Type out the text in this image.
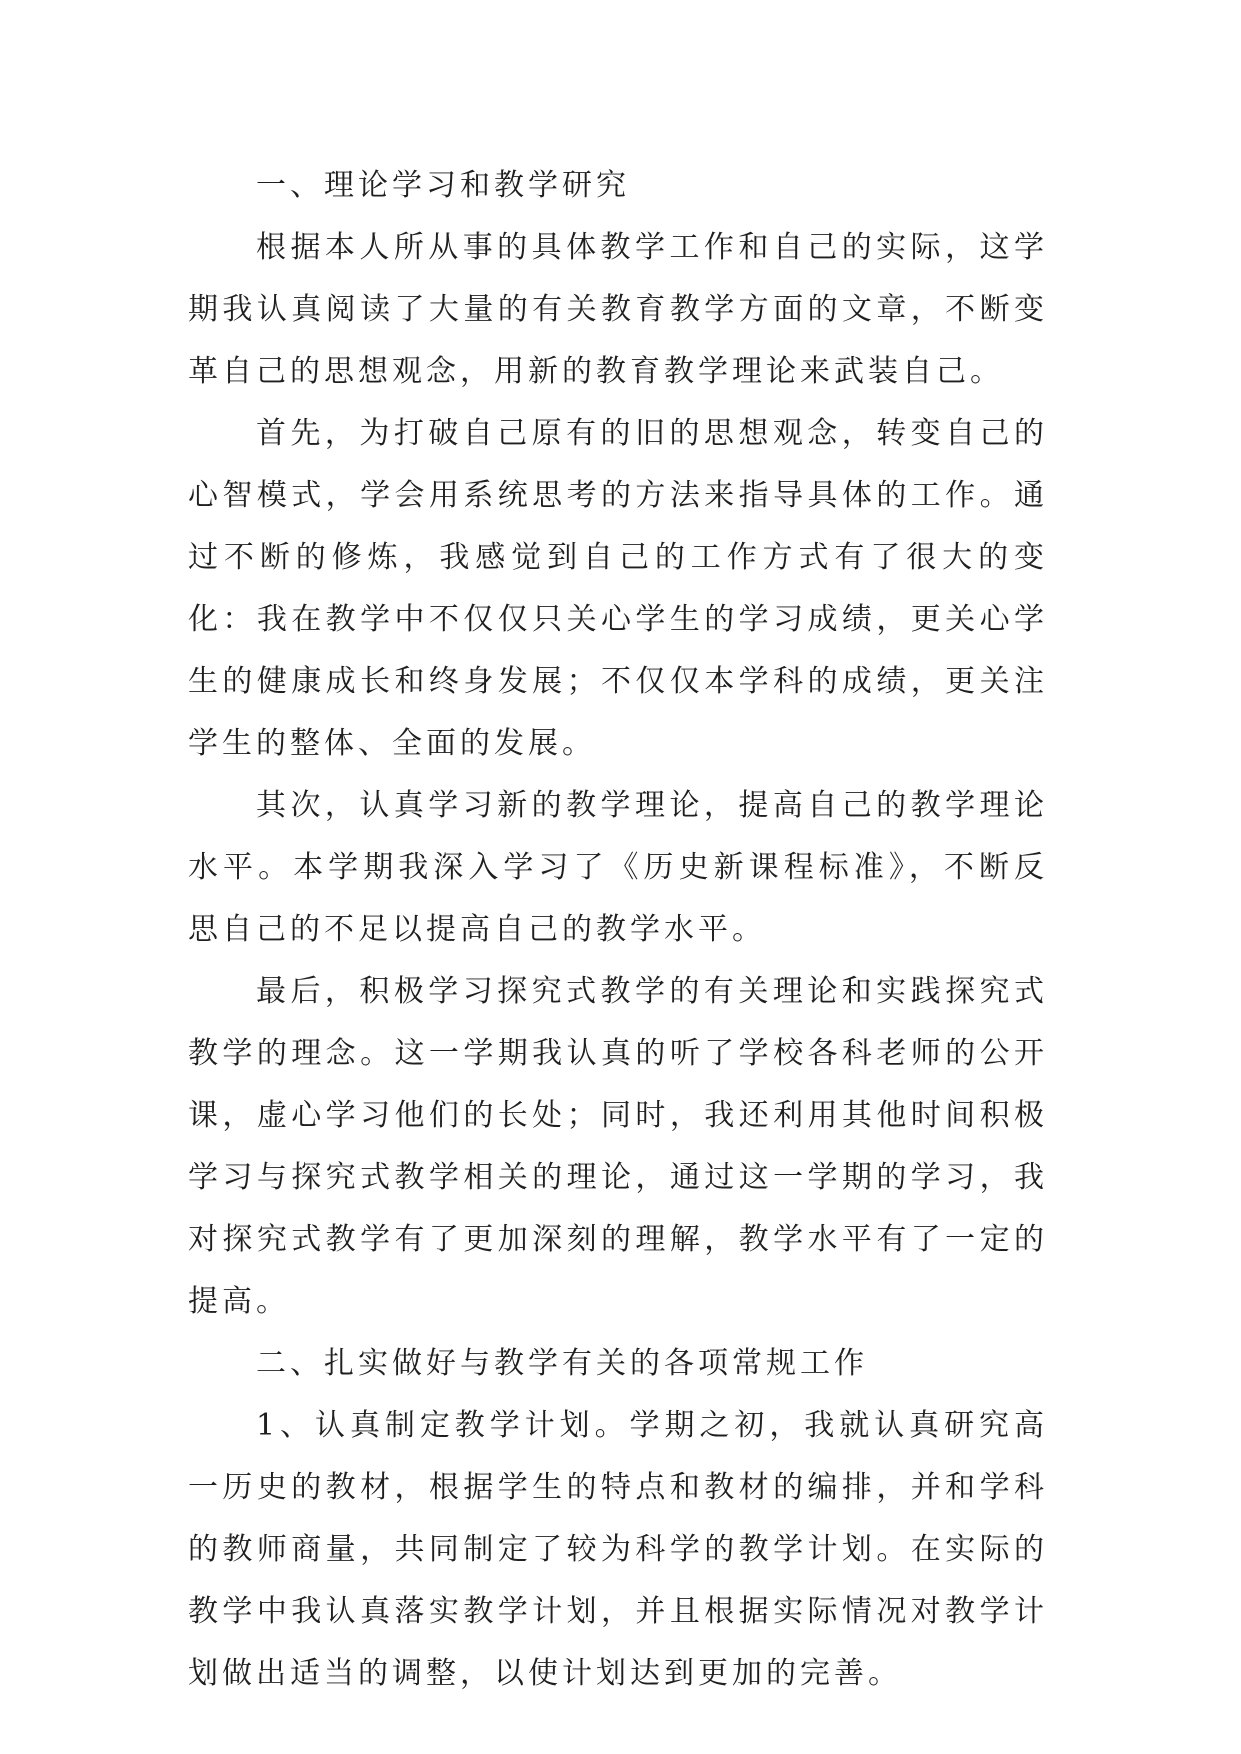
一、理论学习和教学研究

根据本人所从事的具体教学工作和自己的实际，这学期我认真阅读了大量的有关教育教学方面的文章，不断变革自己的思想观念，用新的教育教学理论来武装自己。

首先，为打破自己原有的旧的思想观念，转变自己的心智模式，学会用系统思考的方法来指导具体的工作。通过不断的修炼，我感觉到自己的工作方式有了很大的变化：我在教学中不仅仅只关心学生的学习成绩，更关心学生的健康成长和终身发展；不仅仅本学科的成绩，更关注学生的整体、全面的发展。

其次，认真学习新的教学理论，提高自己的教学理论水平。本学期我深入学习了《历史新课程标准》，不断反思自己的不足以提高自己的教学水平。

最后，积极学习探究式教学的有关理论和实践探究式教学的理念。这一学期我认真的听了学校各科老师的公开课，虚心学习他们的长处；同时，我还利用其他时间积极学习与探究式教学相关的理论，通过这一学期的学习，我对探究式教学有了更加深刻的理解，教学水平有了一定的提高。

二、扎实做好与教学有关的各项常规工作

1、认真制定教学计划。学期之初，我就认真研究高一历史的教材，根据学生的特点和教材的编排，并和学科的教师商量，共同制定了较为科学的教学计划。在实际的教学中我认真落实教学计划，并且根据实际情况对教学计划做出适当的调整，以使计划达到更加的完善。
